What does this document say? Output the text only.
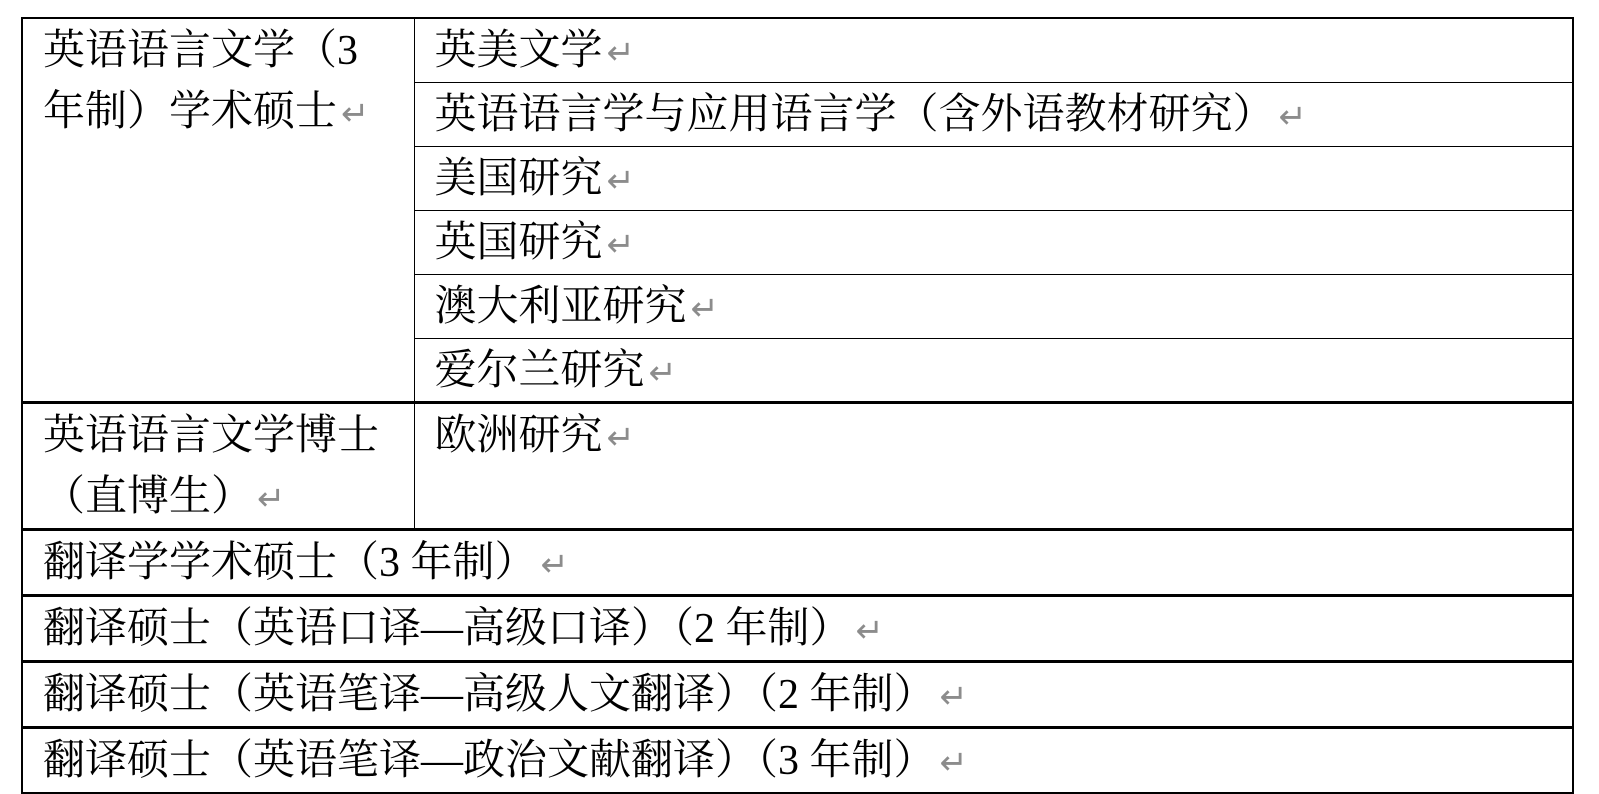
英语语言文学（3 年制）学术硕士 ↵	英美文学 ↵
	英语语言学与应用语言学（含外语教材研究） ↵
	美国研究 ↵
	英国研究 ↵
	澳大利亚研究 ↵
	爱尔兰研究 ↵
英语语言文学博士（直博生） ↵	欧洲研究 ↵
翻译学学术硕士（3 年制） ↵	
翻译硕士（英语口译—高级口译）（2 年制） ↵	
翻译硕士（英语笔译—高级人文翻译）（2 年制） ↵	
翻译硕士（英语笔译—政治文献翻译）（3 年制） ↵	
